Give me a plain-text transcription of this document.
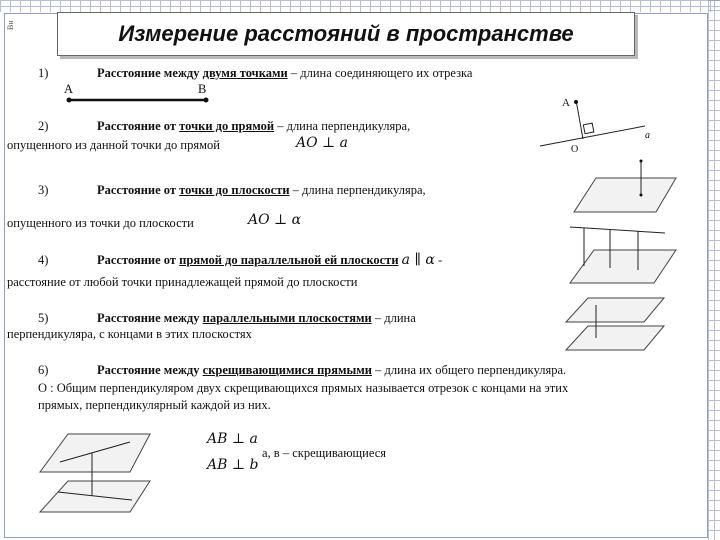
Вн	Измерение расстояний в пространстве
1)	Расстояние между двумя точками – длина соединяющего их отрезка
A	B
2)	Расстояние от точки до прямой – длина перпендикуляра,
опущенного из данной точки до прямой	AO ⊥ a
A
O
a
3)	Расстояние от точки до плоскости – длина перпендикуляра,
опущенного из точки до плоскости	AO ⊥ α
4)	Расстояние от прямой до параллельной ей плоскости a ∥ α -
расстояние от любой точки принадлежащей прямой до плоскости
5)	Расстояние между параллельными плоскостями – длина
перпендикуляра, с концами в этих плоскостях
6)	Расстояние между скрещивающимися прямыми – длина их общего перпендикуляра.
О : Общим перпендикуляром двух скрещивающихся прямых называется отрезок с концами на этих
прямых, перпендикулярный каждой из них.
AB ⊥ a
AB ⊥ b
а, в – скрещивающиеся
